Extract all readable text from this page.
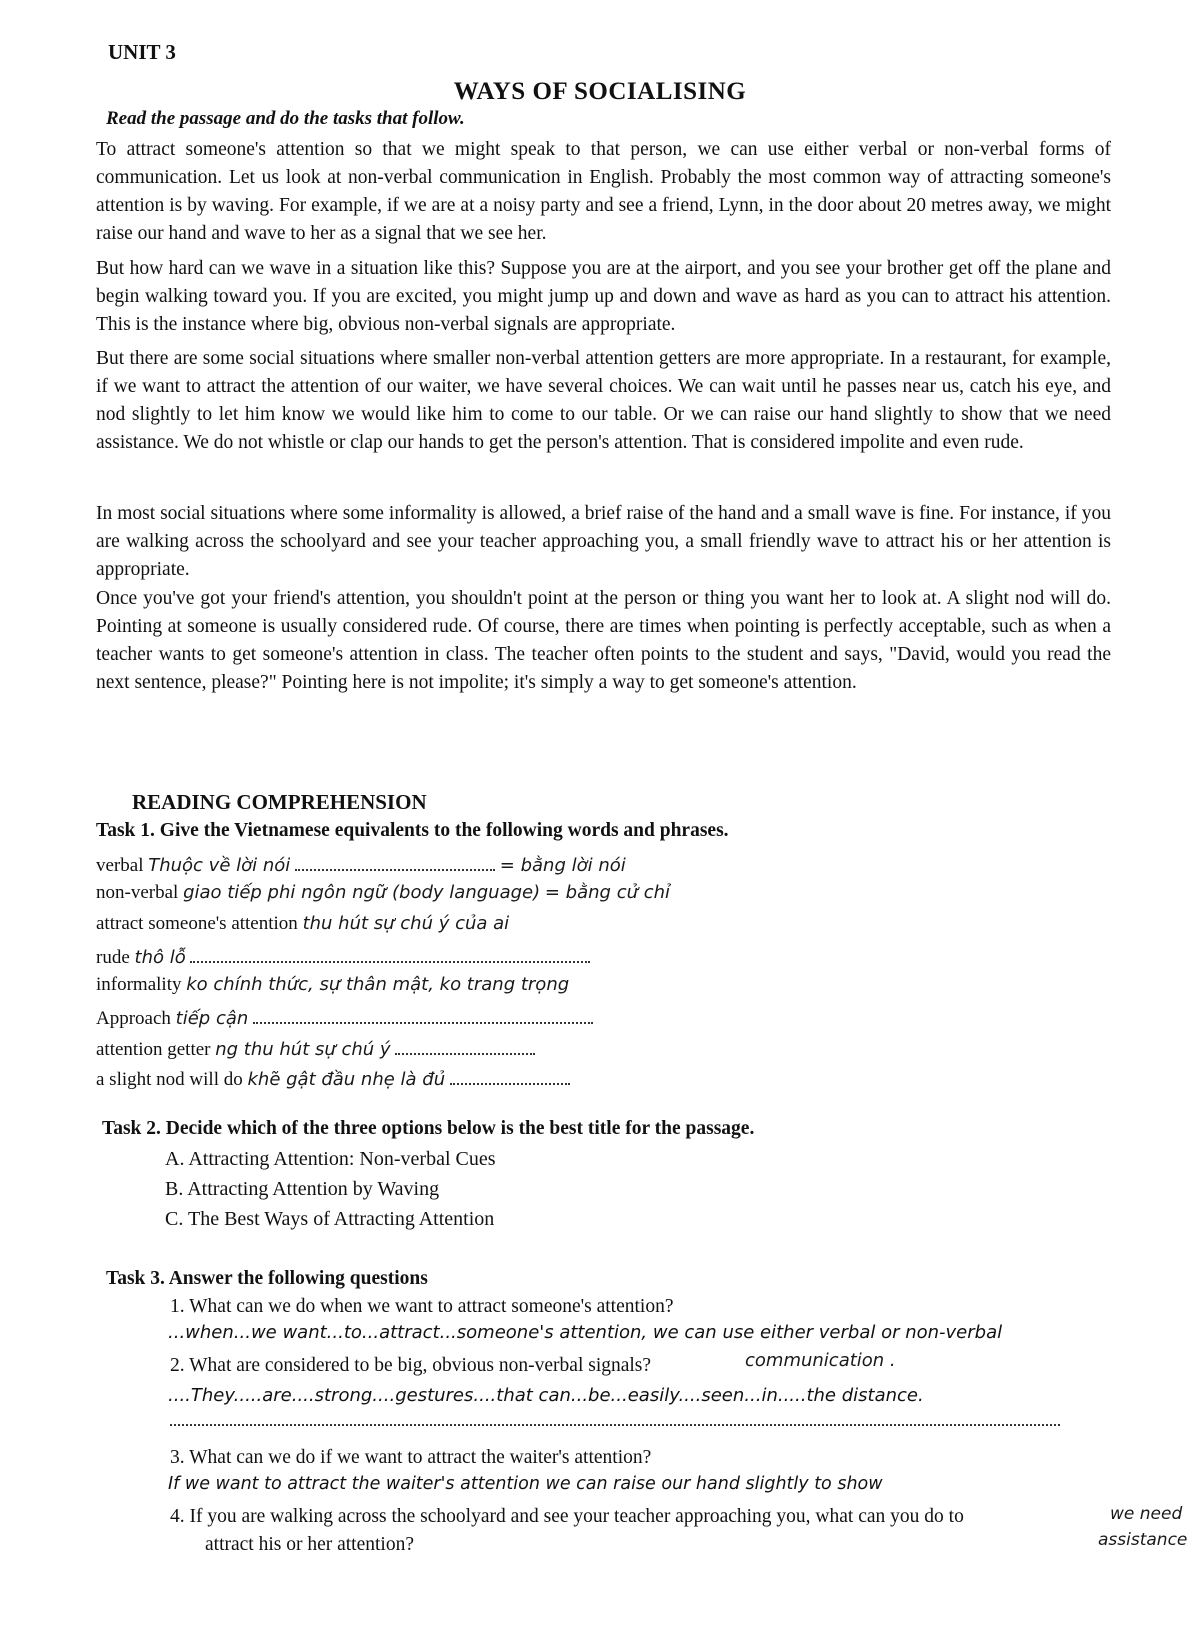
UNIT 3
WAYS OF SOCIALISING
Read the passage and do the tasks that follow.
To attract someone's attention so that we might speak to that person, we can use either verbal or non-verbal forms of communication. Let us look at non-verbal communication in English. Probably the most common way of attracting someone's attention is by waving. For example, if we are at a noisy party and see a friend, Lynn, in the door about 20 metres away, we might raise our hand and wave to her as a signal that we see her.
But how hard can we wave in a situation like this? Suppose you are at the airport, and you see your brother get off the plane and begin walking toward you. If you are excited, you might jump up and down and wave as hard as you can to attract his attention. This is the instance where big, obvious non-verbal signals are appropriate.
But there are some social situations where smaller non-verbal attention getters are more appropriate. In a restaurant, for example, if we want to attract the attention of our waiter, we have several choices. We can wait until he passes near us, catch his eye, and nod slightly to let him know we would like him to come to our table. Or we can raise our hand slightly to show that we need assistance. We do not whistle or clap our hands to get the person's attention. That is considered impolite and even rude.
In most social situations where some informality is allowed, a brief raise of the hand and a small wave is fine. For instance, if you are walking across the schoolyard and see your teacher approaching you, a small friendly wave to attract his or her attention is appropriate.
Once you've got your friend's attention, you shouldn't point at the person or thing you want her to look at. A slight nod will do. Pointing at someone is usually considered rude. Of course, there are times when pointing is perfectly acceptable, such as when a teacher wants to get someone's attention in class. The teacher often points to the student and says, "David, would you read the next sentence, please?" Pointing here is not impolite; it's simply a way to get someone's attention.
READING COMPREHENSION
Task 1. Give the Vietnamese equivalents to the following words and phrases.
verbal Thuộc về lời nói	= bằng lời nói
non-verbal giao tiếp phi ngôn ngữ (body language) = bằng cử chỉ
attract someone's attention thu hút sự chú ý của ai
rude thô lỗ
informality ko chính thức, sự thân mật, ko trang trọng
Approach tiếp cận
attention getter ng thu hút sự chú ý
a slight nod will do khẽ gật đầu nhẹ là đủ
Task 2. Decide which of the three options below is the best title for the passage.
A. Attracting Attention: Non-verbal Cues
B. Attracting Attention by Waving
C. The Best Ways of Attracting Attention
Task 3. Answer the following questions
1. What can we do when we want to attract someone's attention?
...when...we want...to...attract...someone's attention, we can use either verbal or non-verbal
2. What are considered to be big, obvious non-verbal signals?	communication .
....They.....are....strong....gestures....that can...be...easily....seen...in.....the distance.
3. What can we do if we want to attract the waiter's attention?
If we want to attract the waiter's attention we can raise our hand slightly to show
4. If you are walking across the schoolyard and see your teacher approaching you, what can you do to	we need
attract his or her attention?	assistance
